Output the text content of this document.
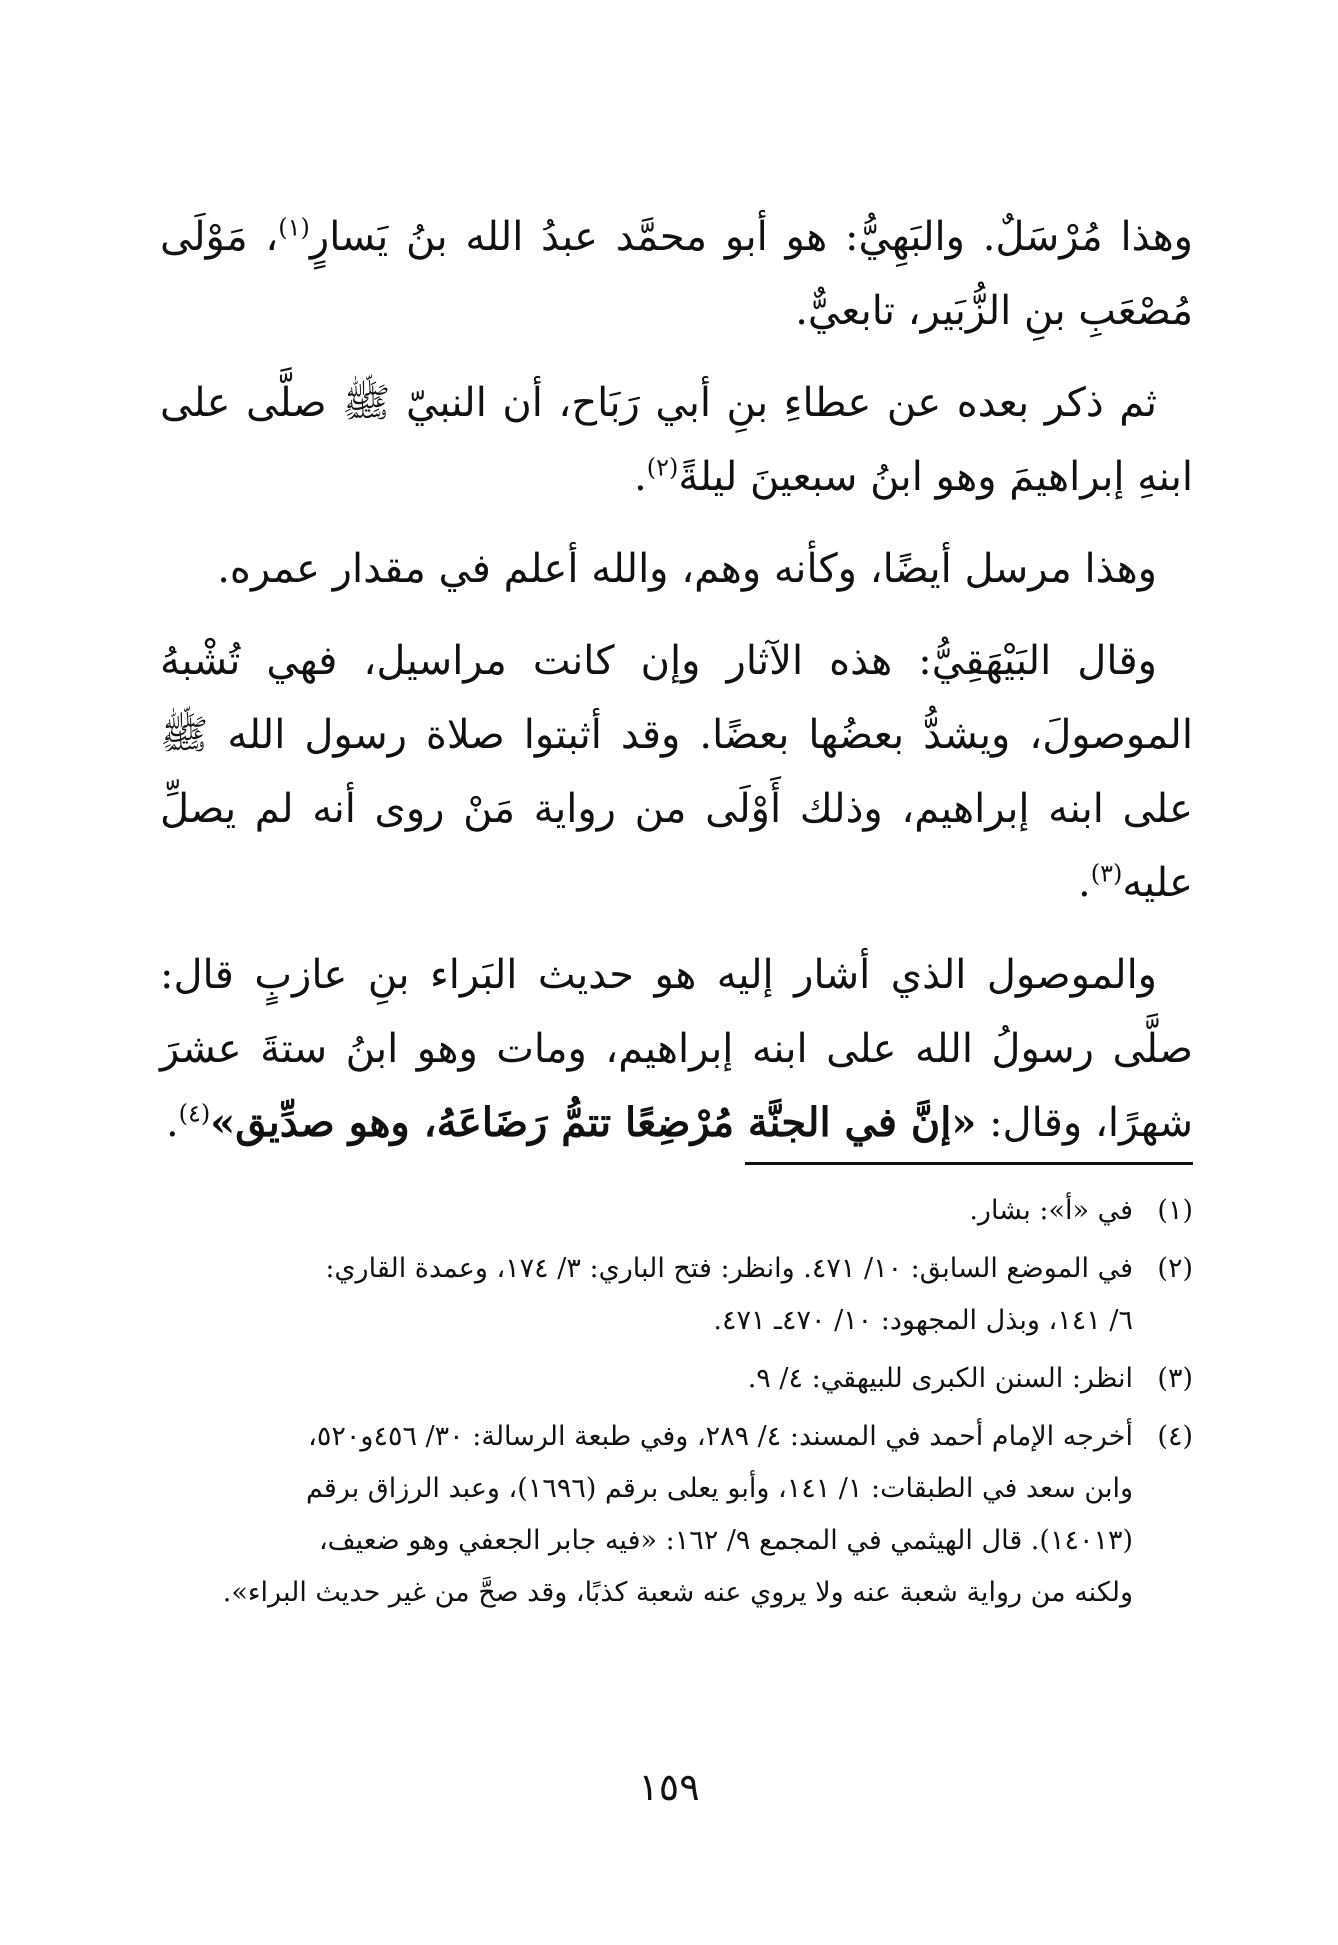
وهذا مُرْسَلٌ. والبَهِيُّ: هو أبو محمَّد عبدُ الله بنُ يَسارٍ$^{(١)}$، مَوْلَى مُصْعَبِ بنِ الزُّبَير، تابعيٌّ.

ثم ذكر بعده عن عطاءِ بنِ أبي رَبَاح، أن النبيّ ﷺ صلَّى على ابنهِ إبراهيمَ وهو ابنُ سبعينَ ليلةً$^{(٢)}$.

وهذا مرسل أيضًا، وكأنه وهم، والله أعلم في مقدار عمره.

وقال البَيْهَقِيُّ: هذه الآثار وإن كانت مراسيل، فهي تُشْبهُ الموصولَ، ويشدُّ بعضُها بعضًا. وقد أثبتوا صلاة رسول الله ﷺ على ابنه إبراهيم، وذلك أَوْلَى من رواية مَنْ روى أنه لم يصلِّ عليه$^{(٣)}$.

والموصول الذي أشار إليه هو حديث البَراء بنِ عازبٍ قال: صلَّى رسولُ الله على ابنه إبراهيم، ومات وهو ابنُ ستةَ عشرَ شهرًا، وقال: «إنَّ في الجنَّة مُرْضِعًا تتمُّ رَضَاعَهُ، وهو صدِّيق»$^{(٤)}$.

(١)
في «أ»: بشار.
(٢)
في الموضع السابق: ١٠/ ٤٧١. وانظر: فتح الباري: ٣/ ١٧٤، وعمدة القاري:
٦/ ١٤١، وبذل المجهود: ١٠/ ٤٧٠ـ ٤٧١.
(٣)
انظر: السنن الكبرى للبيهقي: ٤/ ٩.
(٤)
أخرجه الإمام أحمد في المسند: ٤/ ٢٨٩، وفي طبعة الرسالة: ٣٠/ ٤٥٦و٥٢٠،
وابن سعد في الطبقات: ١/ ١٤١، وأبو يعلى برقم (١٦٩٦)، وعبد الرزاق برقم
(١٤٠١٣). قال الهيثمي في المجمع ٩/ ١٦٢: «فيه جابر الجعفي وهو ضعيف،
ولكنه من رواية شعبة عنه ولا يروي عنه شعبة كذبًا، وقد صحَّ من غير حديث البراء».
١٥٩
